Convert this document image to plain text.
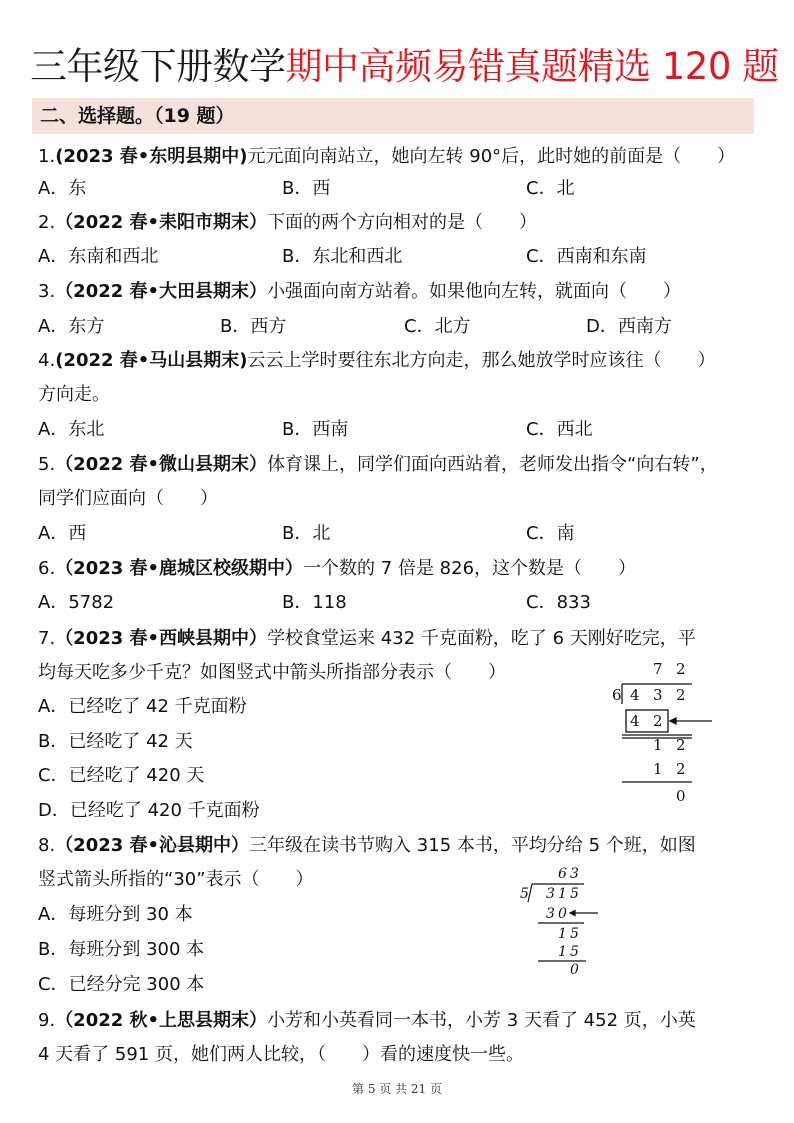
三年级下册数学期中高频易错真题精选 120 题
二、选择题。（19 题）
1.(2023 春•东明县期中)元元面向南站立，她向左转 90°后，此时她的前面是（　　）
A．东	B．西	C．北
2.（2022 春•耒阳市期末）下面的两个方向相对的是（　　）
A．东南和西北	B．东北和西北	C．西南和东南
3.（2022 春•大田县期末）小强面向南方站着。如果他向左转，就面向（　　）
A．东方	B．西方	C．北方	D．西南方
4.(2022 春•马山县期末)云云上学时要往东北方向走，那么她放学时应该往（　　）
方向走。
A．东北	B．西南	C．西北
5.（2022 春•微山县期末）体育课上，同学们面向西站着，老师发出指令“向右转”，
同学们应面向（　　）
A．西	B．北	C．南
6.（2023 春•鹿城区校级期中）一个数的 7 倍是 826，这个数是（　　）
A．5782	B．118	C．833
7.（2023 春•西峡县期中）学校食堂运来 432 千克面粉，吃了 6 天刚好吃完，平
均每天吃多少千克？如图竖式中箭头所指部分表示（　　）
A．已经吃了 42 千克面粉
B．已经吃了 42 天
C．已经吃了 420 天
D．已经吃了 420 千克面粉
7 2
6 4 3 2
4 2
1 2
1 2
0
8.（2023 春•沁县期中）三年级在读书节购入 315 本书，平均分给 5 个班，如图
竖式箭头所指的“30”表示（　　）
A．每班分到 30 本
B．每班分到 300 本
C．已经分完 300 本
6 3
5 3 1 5
3 0
1 5
1 5
0
9.（2022 秋•上思县期末）小芳和小英看同一本书，小芳 3 天看了 452 页，小英
4 天看了 591 页，她们两人比较，（　　）看的速度快一些。
第 5 页 共 21 页
